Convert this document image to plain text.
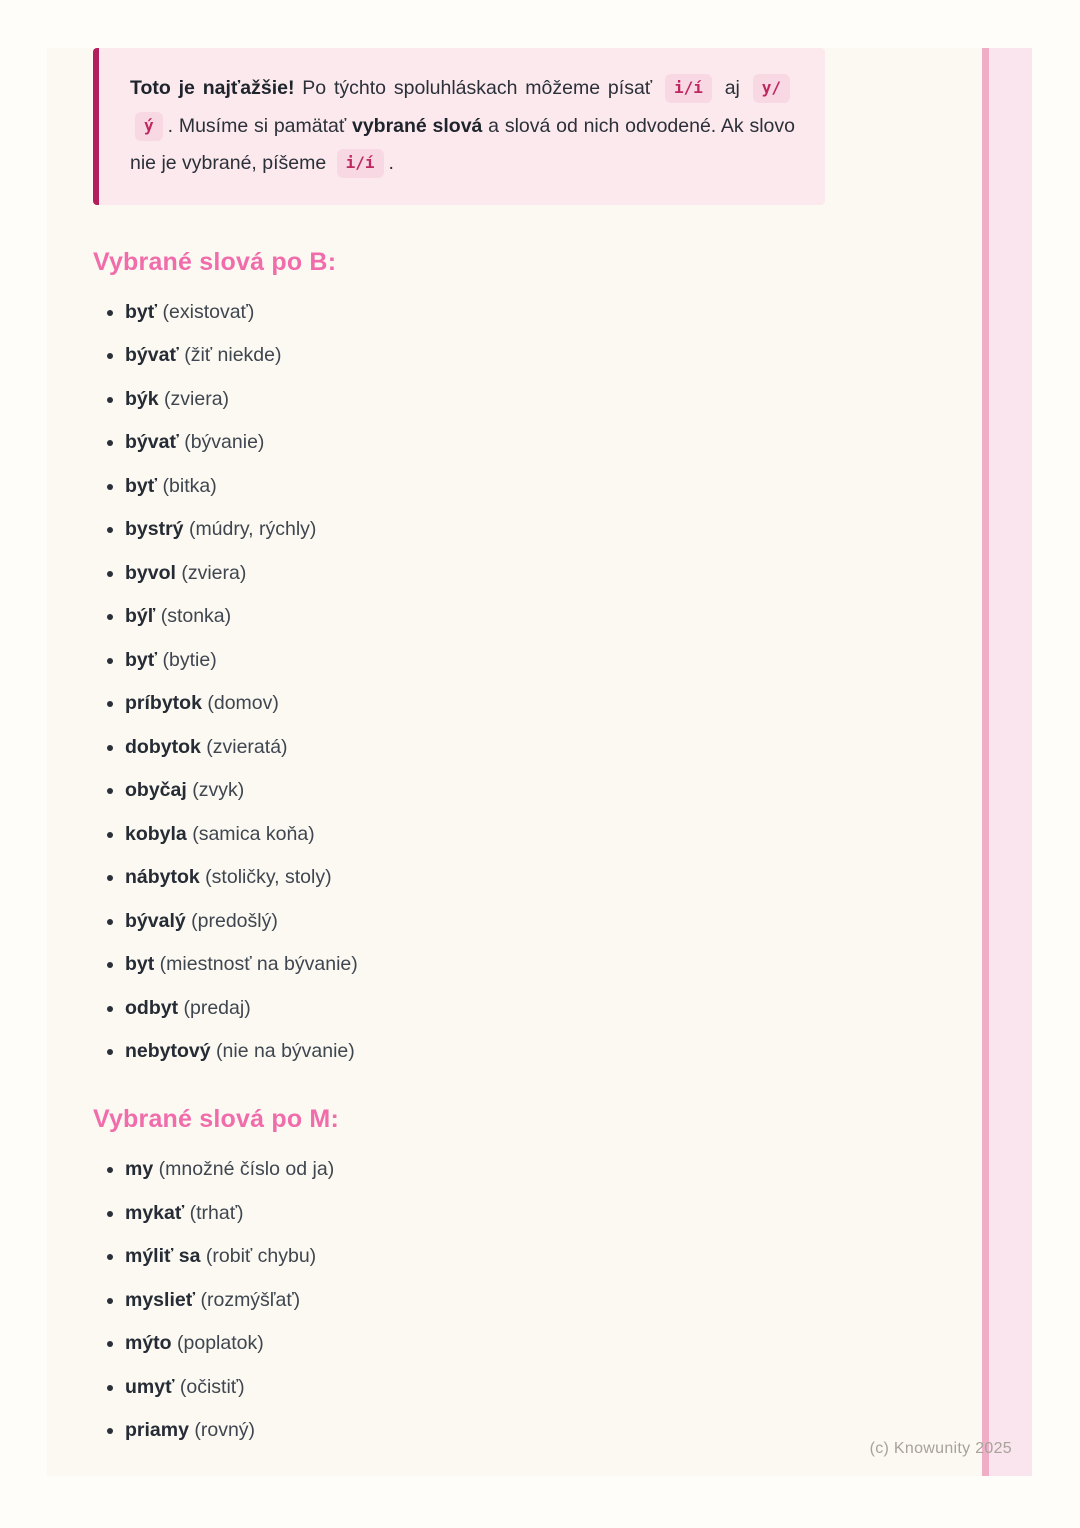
Toto je najťažšie! Po týchto spoluhláskach môžeme písať i/í aj y/ý . Musíme si pamätať vybrané slová a slová od nich odvodené. Ak slovo nie je vybrané, píšeme i/í .

Vybrané slová po B:
• byť (existovať)
• bývať (žiť niekde)
• býk (zviera)
• bývať (bývanie)
• byť (bitka)
• bystrý (múdry, rýchly)
• byvol (zviera)
• býľ (stonka)
• byť (bytie)
• príbytok (domov)
• dobytok (zvieratá)
• obyčaj (zvyk)
• kobyla (samica koňa)
• nábytok (stoličky, stoly)
• bývalý (predošlý)
• byt (miestnosť na bývanie)
• odbyt (predaj)
• nebytový (nie na bývanie)
Vybrané slová po M:
• my (množné číslo od ja)
• mykať (trhať)
• mýliť sa (robiť chybu)
• myslieť (rozmýšľať)
• mýto (poplatok)
• umyť (očistiť)
• priamy (rovný)
(c) Knowunity 2025
